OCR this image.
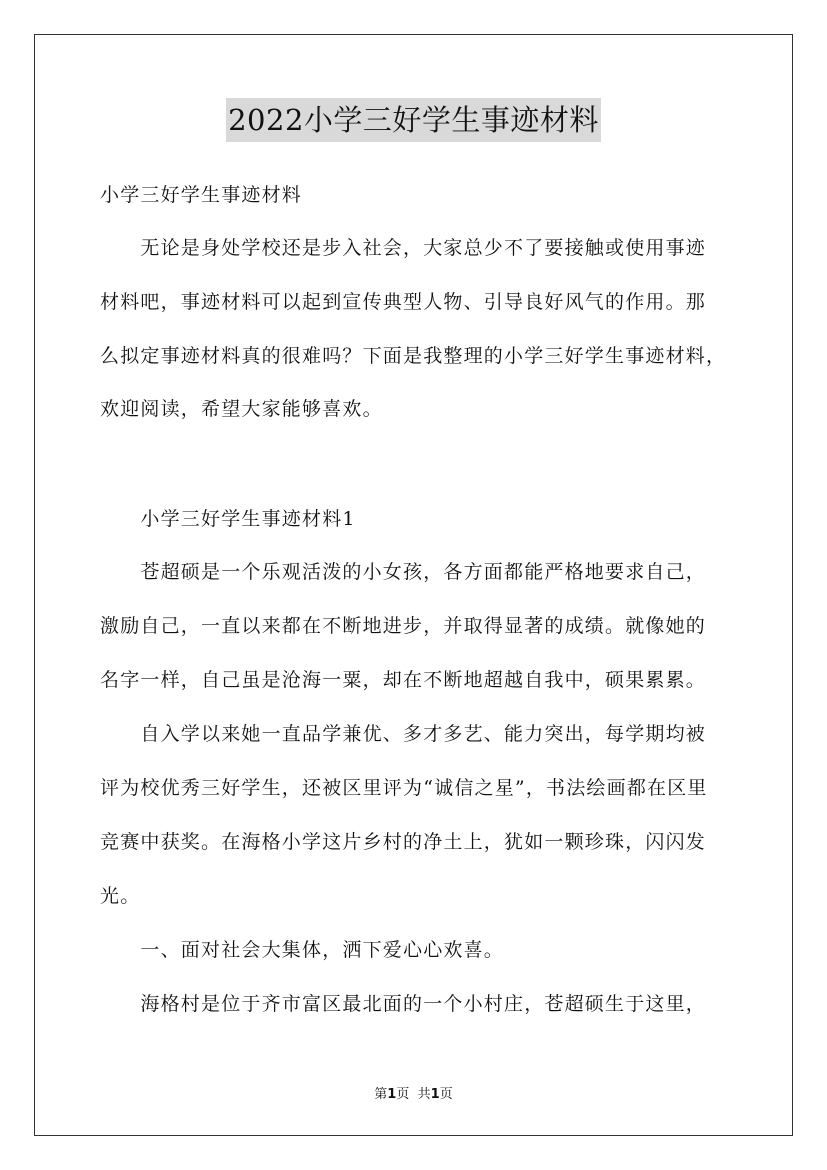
2022小学三好学生事迹材料
小学三好学生事迹材料
　　无论是身处学校还是步入社会，大家总少不了要接触或使用事迹
材料吧，事迹材料可以起到宣传典型人物、引导良好风气的作用。那
么拟定事迹材料真的很难吗？下面是我整理的小学三好学生事迹材料，
欢迎阅读，希望大家能够喜欢。
　　小学三好学生事迹材料1
　　苍超硕是一个乐观活泼的小女孩，各方面都能严格地要求自己，
激励自己，一直以来都在不断地进步，并取得显著的成绩。就像她的
名字一样，自己虽是沧海一粟，却在不断地超越自我中，硕果累累。
　　自入学以来她一直品学兼优、多才多艺、能力突出，每学期均被
评为校优秀三好学生，还被区里评为“诚信之星”，书法绘画都在区里
竞赛中获奖。在海格小学这片乡村的净土上，犹如一颗珍珠，闪闪发
光。
　　一、面对社会大集体，洒下爱心心欢喜。
　　海格村是位于齐市富区最北面的一个小村庄，苍超硕生于这里，
第1页 共1页
